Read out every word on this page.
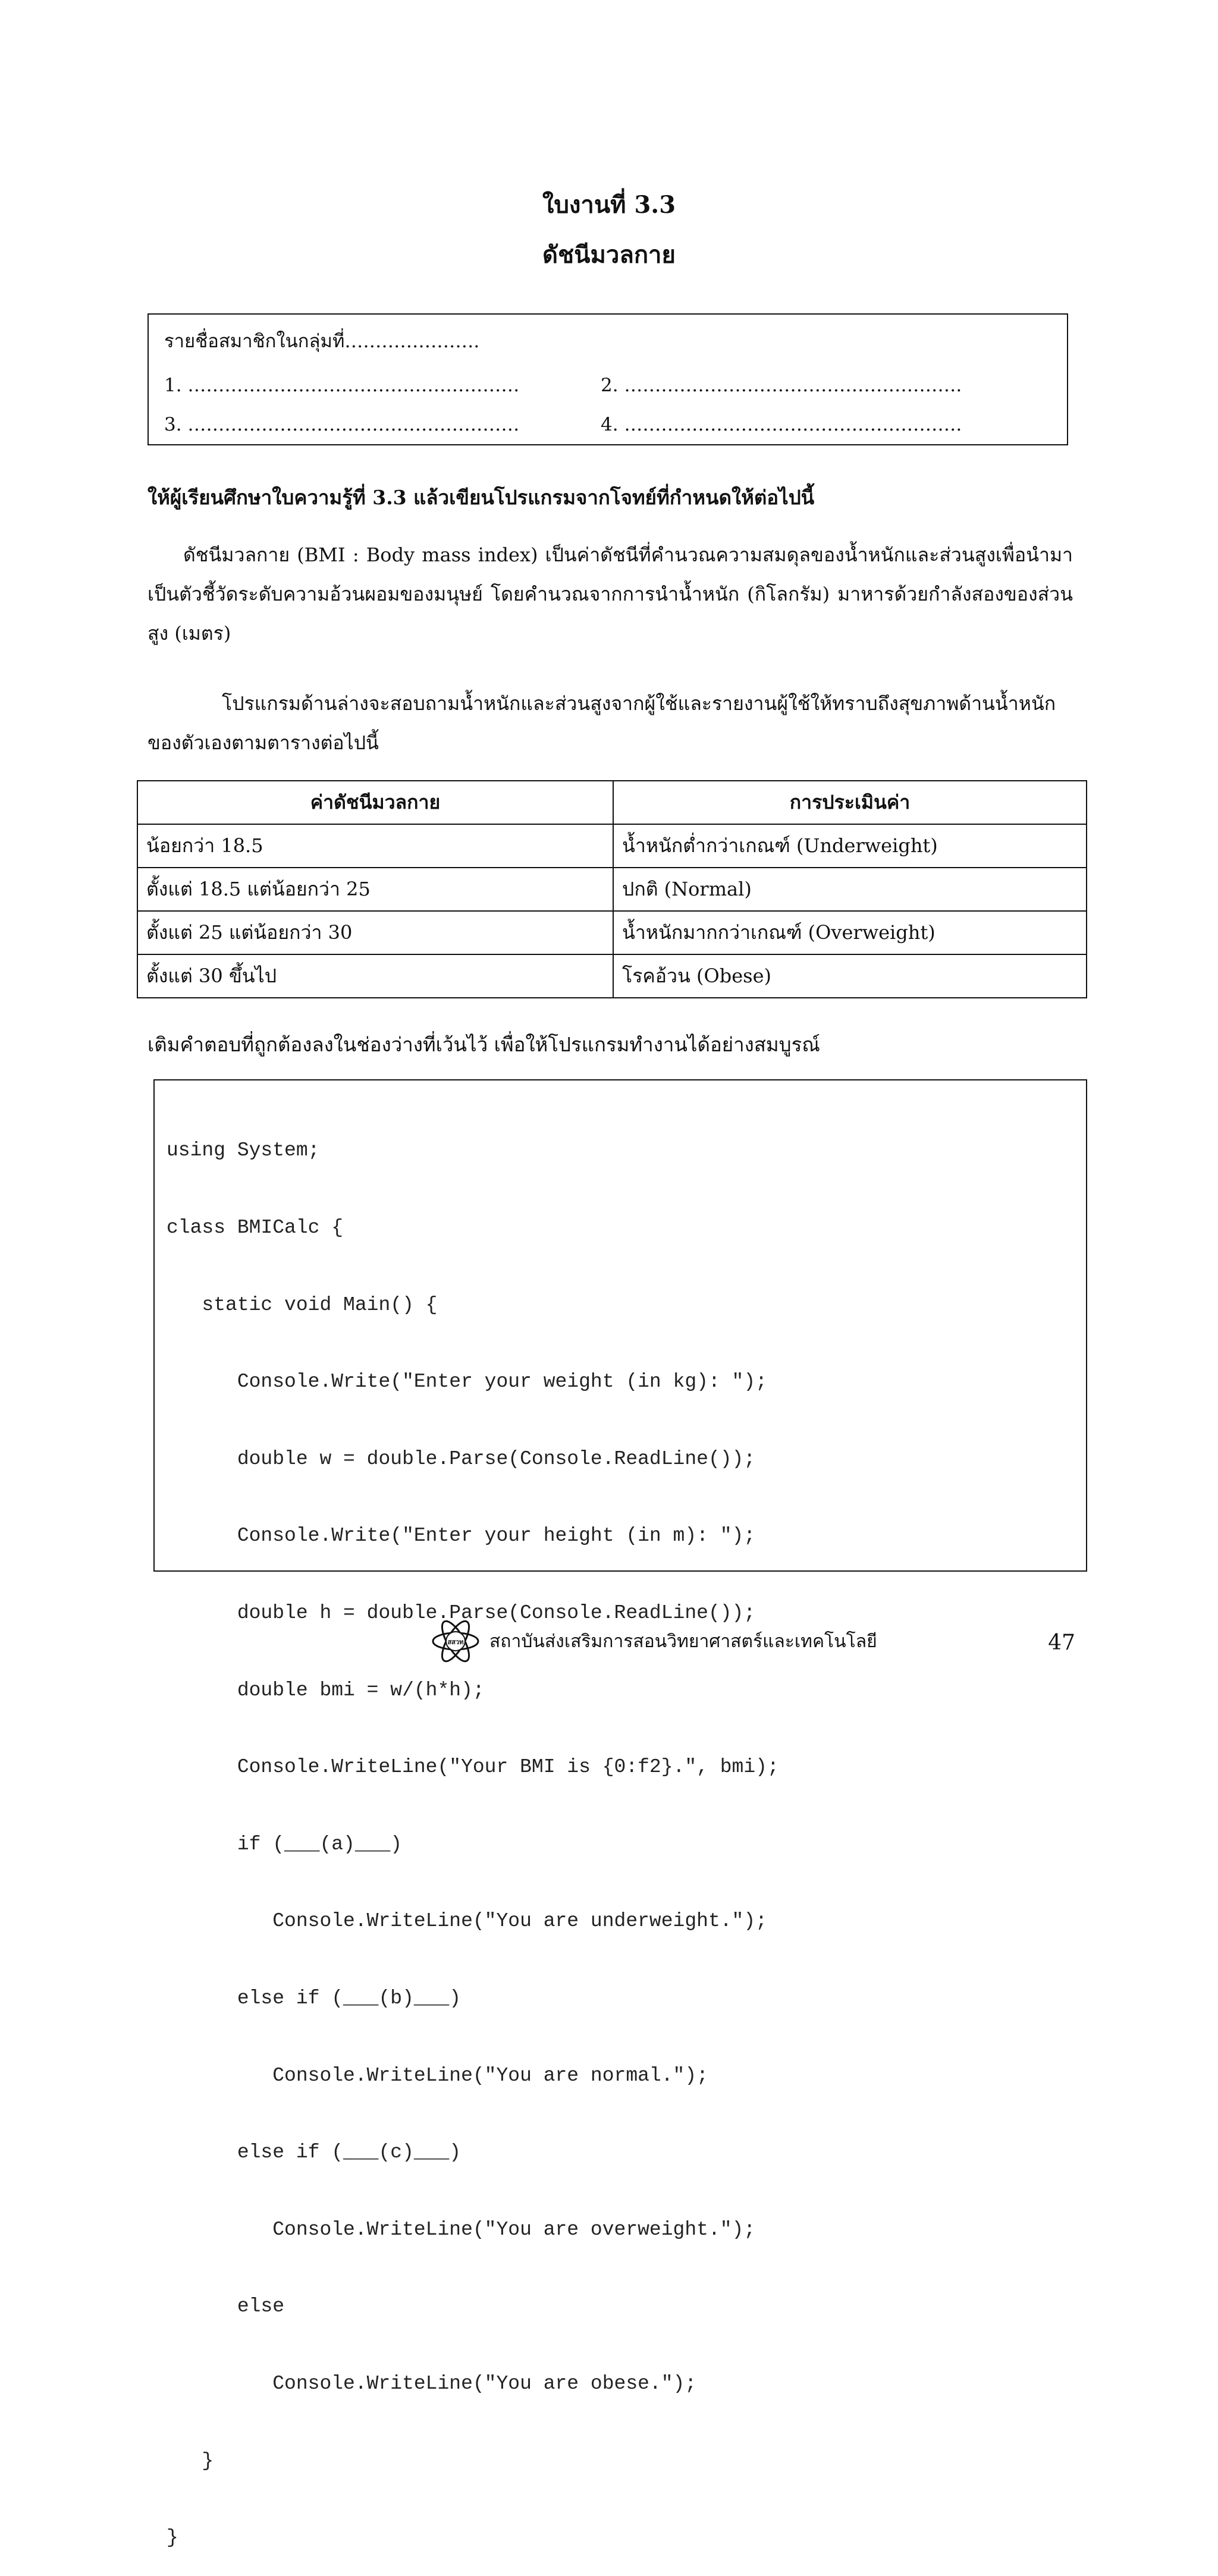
ใบงานที่ 3.3
ดัชนีมวลกาย
รายชื่อสมาชิกในกลุ่มที่………………….
1. ………………………………………………	2. ……………………………………………….
3. ………………………………………………	4. ……………………………………………….
ให้ผู้เรียนศึกษาใบความรู้ที่ 3.3 แล้วเขียนโปรแกรมจากโจทย์ที่กำหนดให้ต่อไปนี้

ดัชนีมวลกาย (BMI : Body mass index) เป็นค่าดัชนีที่คำนวณความสมดุลของน้ำหนักและส่วนสูงเพื่อนำมาเป็นตัวชี้วัดระดับความอ้วนผอมของมนุษย์ โดยคำนวณจากการนำน้ำหนัก (กิโลกรัม) มาหารด้วยกำลังสองของส่วนสูง (เมตร)

โปรแกรมด้านล่างจะสอบถามน้ำหนักและส่วนสูงจากผู้ใช้และรายงานผู้ใช้ให้ทราบถึงสุขภาพด้านน้ำหนักของตัวเองตามตารางต่อไปนี้

ค่าดัชนีมวลกาย	การประเมินค่า
น้อยกว่า 18.5	น้ำหนักต่ำกว่าเกณฑ์ (Underweight)
ตั้งแต่ 18.5 แต่น้อยกว่า 25	ปกติ (Normal)
ตั้งแต่ 25 แต่น้อยกว่า 30	น้ำหนักมากกว่าเกณฑ์ (Overweight)
ตั้งแต่ 30 ขึ้นไป	โรคอ้วน (Obese)
เติมคำตอบที่ถูกต้องลงในช่องว่างที่เว้นไว้ เพื่อให้โปรแกรมทำงานได้อย่างสมบูรณ์

using System;

class BMICalc {

static void Main() {

Console.Write("Enter your weight (in kg): ");

double w = double.Parse(Console.ReadLine());

Console.Write("Enter your height (in m): ");

double h = double.Parse(Console.ReadLine());

double bmi = w/(h*h);

Console.WriteLine("Your BMI is {0:f2}.", bmi);

if (___(a)___)

Console.WriteLine("You are underweight.");

else if (___(b)___)

Console.WriteLine("You are normal.");

else if (___(c)___)

Console.WriteLine("You are overweight.");

else

Console.WriteLine("You are obese.");

}

}

สสวท สถาบันส่งเสริมการสอนวิทยาศาสตร์และเทคโนโลยี	47
